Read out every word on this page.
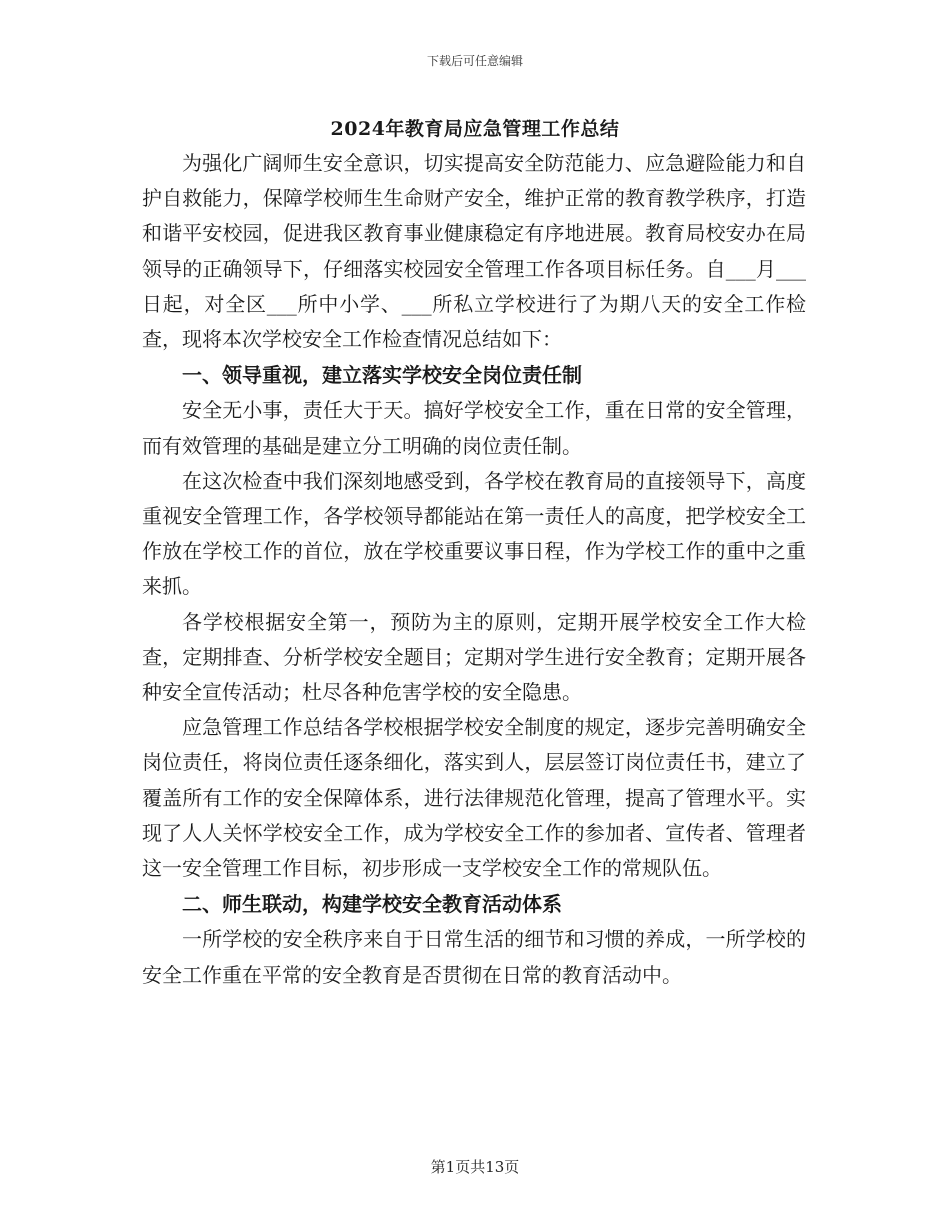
下载后可任意编辑
2024年教育局应急管理工作总结

为强化广阔师生安全意识，切实提高安全防范能力、应急避险能力和自护自救能力，保障学校师生生命财产安全，维护正常的教育教学秩序，打造和谐平安校园，促进我区教育事业健康稳定有序地进展。教育局校安办在局领导的正确领导下，仔细落实校园安全管理工作各项目标任务。自___月___日起，对全区___所中小学、___所私立学校进行了为期八天的安全工作检查，现将本次学校安全工作检查情况总结如下：

一、领导重视，建立落实学校安全岗位责任制

安全无小事，责任大于天。搞好学校安全工作，重在日常的安全管理，而有效管理的基础是建立分工明确的岗位责任制。

在这次检查中我们深刻地感受到，各学校在教育局的直接领导下，高度重视安全管理工作，各学校领导都能站在第一责任人的高度，把学校安全工作放在学校工作的首位，放在学校重要议事日程，作为学校工作的重中之重来抓。

各学校根据安全第一，预防为主的原则，定期开展学校安全工作大检查，定期排查、分析学校安全题目；定期对学生进行安全教育；定期开展各种安全宣传活动；杜尽各种危害学校的安全隐患。

应急管理工作总结各学校根据学校安全制度的规定，逐步完善明确安全岗位责任，将岗位责任逐条细化，落实到人，层层签订岗位责任书，建立了覆盖所有工作的安全保障体系，进行法律规范化管理，提高了管理水平。实现了人人关怀学校安全工作，成为学校安全工作的参加者、宣传者、管理者这一安全管理工作目标，初步形成一支学校安全工作的常规队伍。

二、师生联动，构建学校安全教育活动体系

一所学校的安全秩序来自于日常生活的细节和习惯的养成，一所学校的安全工作重在平常的安全教育是否贯彻在日常的教育活动中。

第1页共13页
